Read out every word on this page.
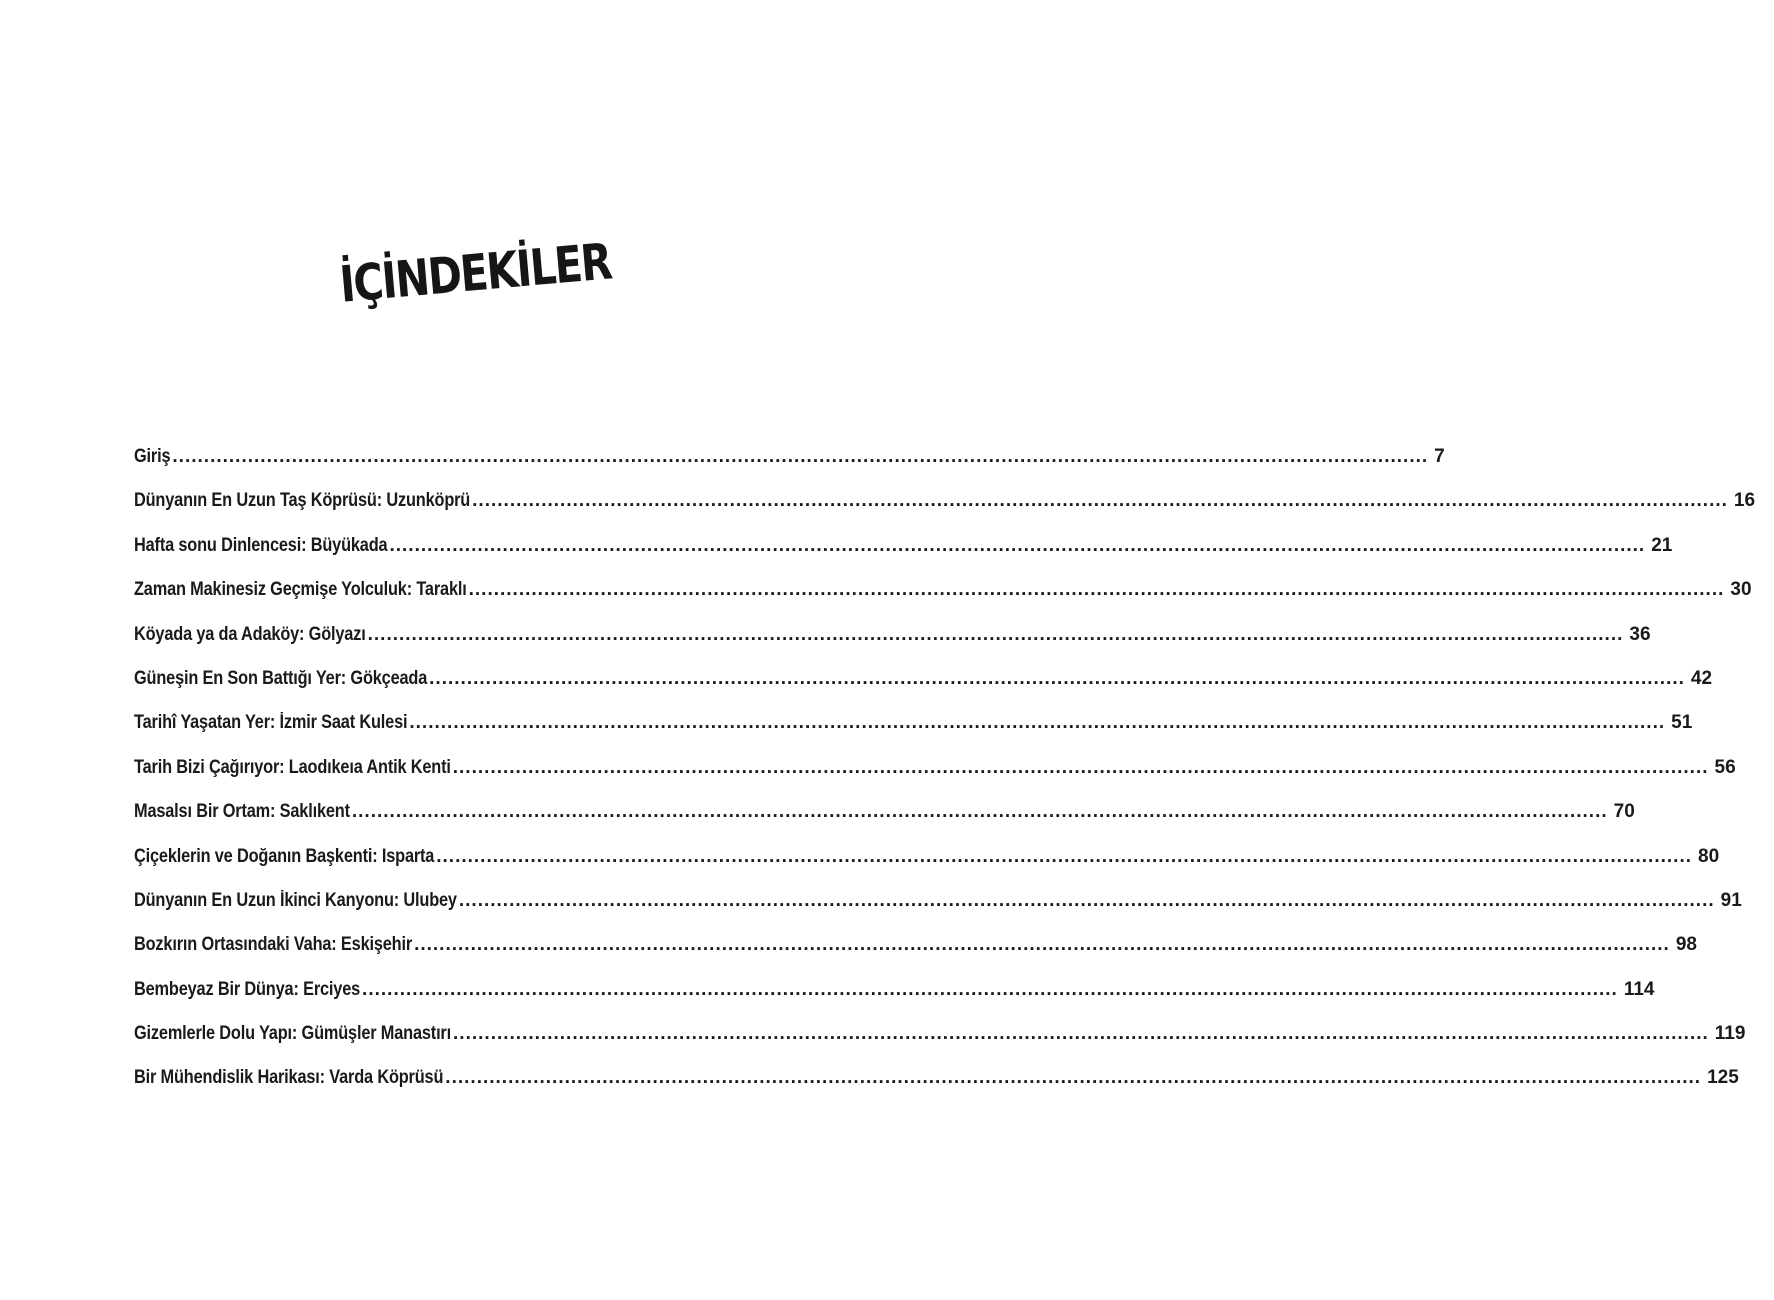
İÇİNDEKİLER
Giriş ........................................................................................................................................................................................................ 7
Dünyanın En Uzun Taş Köprüsü: Uzunköprü ........................................................................................................................................................................................................ 16
Hafta sonu Dinlencesi: Büyükada ........................................................................................................................................................................................................ 21
Zaman Makinesiz Geçmişe Yolculuk: Taraklı ........................................................................................................................................................................................................ 30
Köyada ya da Adaköy: Gölyazı ........................................................................................................................................................................................................ 36
Güneşin En Son Battığı Yer: Gökçeada ........................................................................................................................................................................................................ 42
Tarihî Yaşatan Yer: İzmir Saat Kulesi ........................................................................................................................................................................................................ 51
Tarih Bizi Çağırıyor: Laodıkeıa Antik Kenti ........................................................................................................................................................................................................ 56
Masalsı Bir Ortam: Saklıkent ........................................................................................................................................................................................................ 70
Çiçeklerin ve Doğanın Başkenti: Isparta ........................................................................................................................................................................................................ 80
Dünyanın En Uzun İkinci Kanyonu: Ulubey ........................................................................................................................................................................................................ 91
Bozkırın Ortasındaki Vaha: Eskişehir ........................................................................................................................................................................................................ 98
Bembeyaz Bir Dünya: Erciyes ........................................................................................................................................................................................................ 114
Gizemlerle Dolu Yapı: Gümüşler Manastırı ........................................................................................................................................................................................................ 119
Bir Mühendislik Harikası: Varda Köprüsü ........................................................................................................................................................................................................ 125
